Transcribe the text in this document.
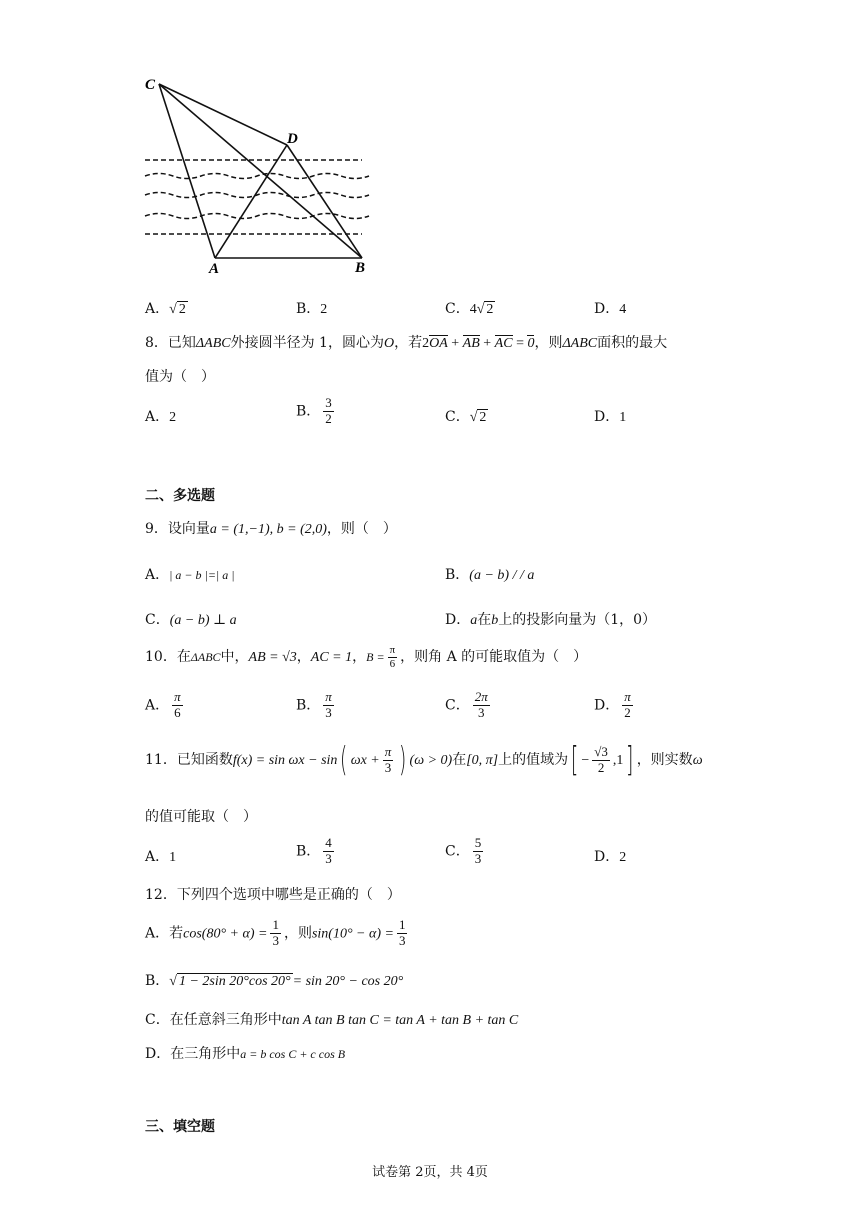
C
D
A	B
A．√ 2	B．2	C．4√ 2	D．4
8．已知ΔABC外接圆半径为 1，圆心为O，若2OA + AB + AC = 0，则ΔABC面积的最大
值为（　）
A．2	B． $\frac{3}{2}$	C．√ 2	D．1
二、多选题
9．设向量a = (1,−1), b = (2,0)，则（　）
A．| a − b |=| a |	B．(a − b) / / a
C．(a − b) ⊥ a	D．a在b上的投影向量为（1，0）
10．在ΔABC中，AB = √3，AC = 1，$B = \frac{\pi}{6}$ ，则角 A 的可能取值为（　）
A． $\frac{\pi}{6}$	B． $\frac{\pi}{3}$	C． $\frac{2\pi}{3}$	D． $\frac{\pi}{2}$
11．已知函数f(x) = sin ωx − sin( $\omega x + \frac{\pi}{3}$ ) (ω > 0)在[0, π]上的值域为[ − $\frac{√3}{2} ,1$] ，则实数ω
的值可能取（　）
A．1	B． $\frac{4}{3}$	C． $\frac{5}{3}$	D．2
12．下列四个选项中哪些是正确的（　）
A．若$\cos(80^\circ + \alpha) = \frac{1}{3}$ ，则$\sin(10^\circ - \alpha) = \frac{1}{3}$
B．√ 1 − 2sin 20°cos 20° = sin 20° − cos 20°
C．在任意斜三角形中tan A tan B tan C = tan A + tan B + tan C
D．在三角形中a = b cos C + c cos B
三、填空题
试卷第 2页，共 4页
